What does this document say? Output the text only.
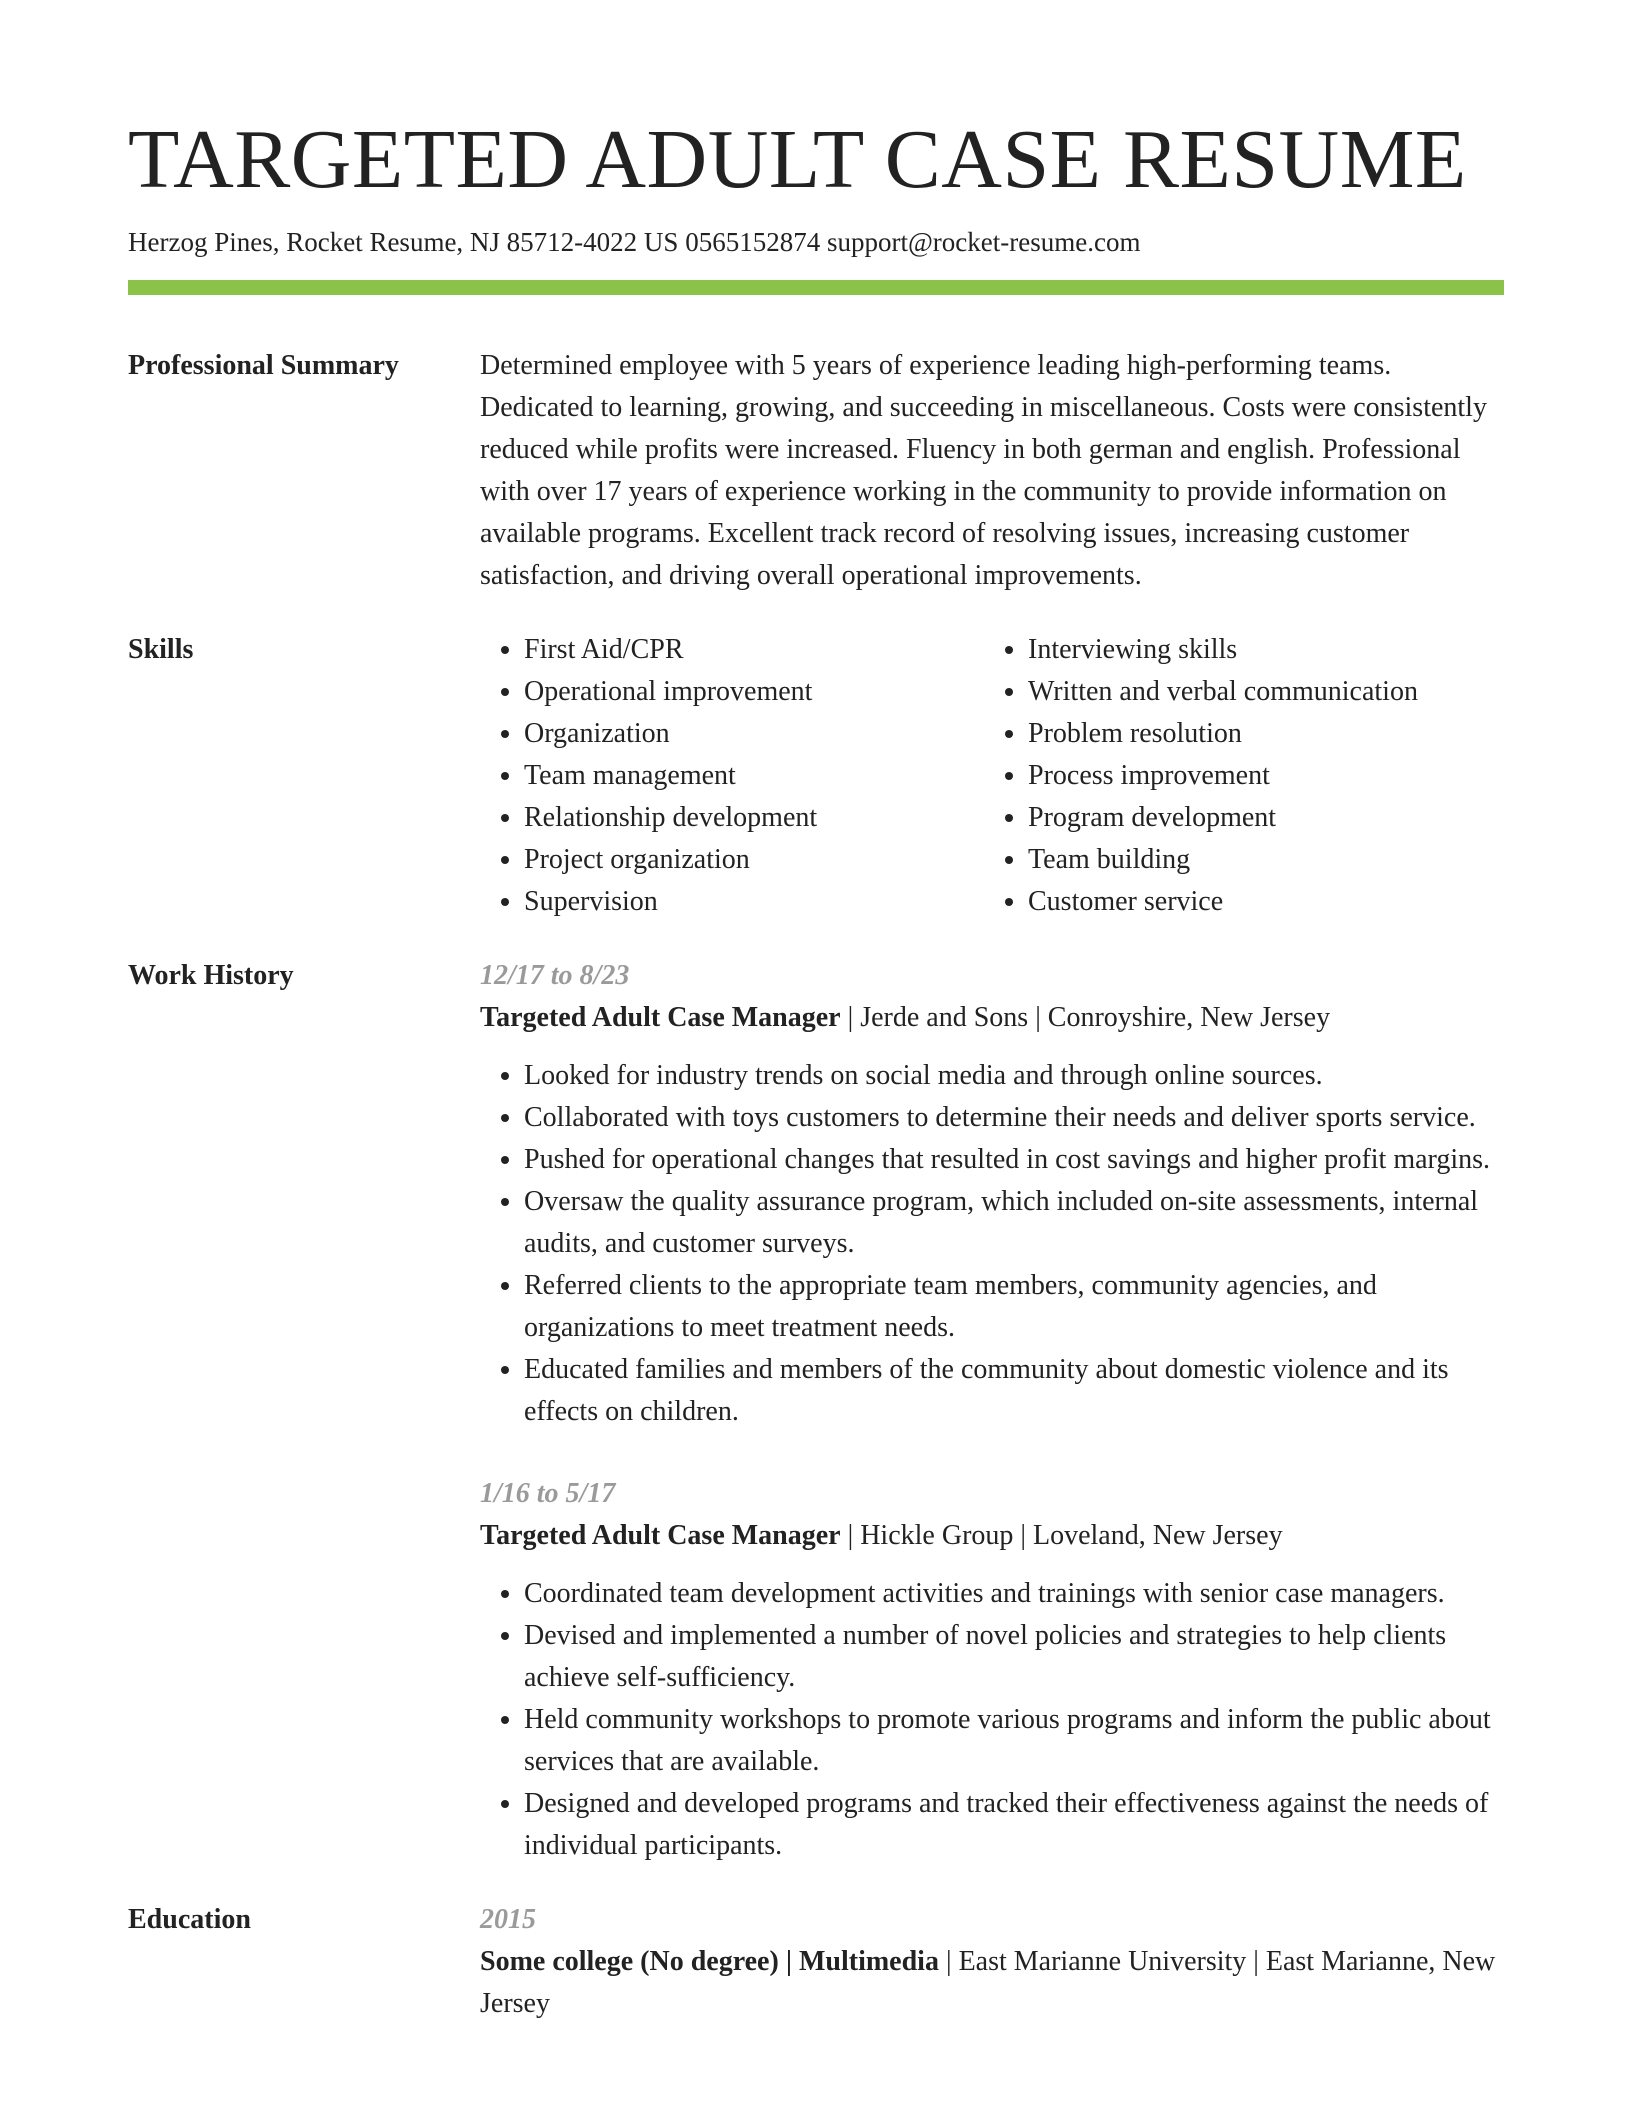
TARGETED ADULT CASE RESUME
Herzog Pines, Rocket Resume, NJ 85712-4022 US 0565152874 support@rocket-resume.com
Professional Summary	Determined employee with 5 years of experience leading high-performing teams. Dedicated to learning, growing, and succeeding in miscellaneous. Costs were consistently reduced while profits were increased. Fluency in both german and english. Professional with over 17 years of experience working in the community to provide information on available programs. Excellent track record of resolving issues, increasing customer satisfaction, and driving overall operational improvements.

Skills
•	First Aid/CPR
• Operational improvement
• Organization
• Team management
• Relationship development
• Project organization
• Supervision
• Interviewing skills
• Written and verbal communication
• Problem resolution
• Process improvement
• Program development
• Team building
• Customer service
Work History	12/17 to 8/23
Targeted Adult Case Manager | Jerde and Sons | Conroyshire, New Jersey
• Looked for industry trends on social media and through online sources.
• Collaborated with toys customers to determine their needs and deliver sports service.
• Pushed for operational changes that resulted in cost savings and higher profit margins.
• Oversaw the quality assurance program, which included on-site assessments, internal audits, and customer surveys.
• Referred clients to the appropriate team members, community agencies, and organizations to meet treatment needs.
• Educated families and members of the community about domestic violence and its effects on children.
1/16 to 5/17
Targeted Adult Case Manager | Hickle Group | Loveland, New Jersey
• Coordinated team development activities and trainings with senior case managers.
• Devised and implemented a number of novel policies and strategies to help clients achieve self-sufficiency.
• Held community workshops to promote various programs and inform the public about services that are available.
• Designed and developed programs and tracked their effectiveness against the needs of individual participants.
Education	2015
Some college (No degree) | Multimedia | East Marianne University | East Marianne, New Jersey
